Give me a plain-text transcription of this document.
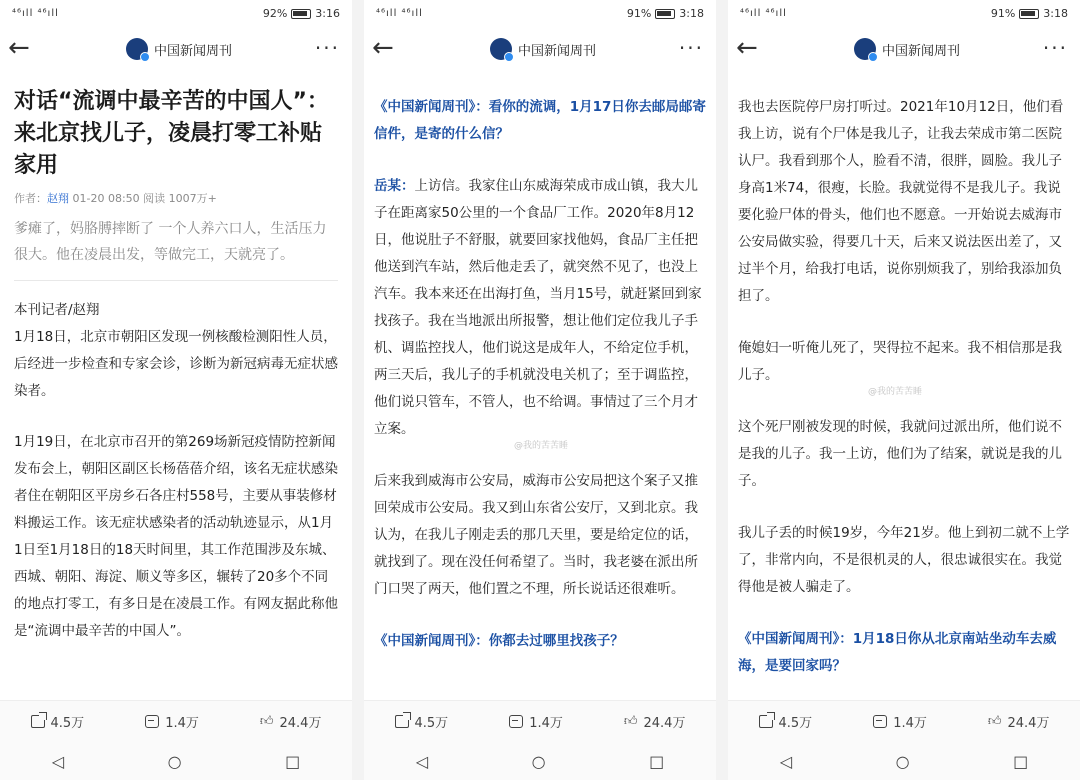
⁴⁶ıll ⁴⁶ıll	92%	3:16
←	中国新闻周刊	···
对话“流调中最辛苦的中国人”：来北京找儿子，凌晨打零工补贴家用
作者：赵翔 01-20 08:50 阅读 1007万+
爹瘫了，妈胳膊摔断了 一个人养六口人，生活压力很大。他在凌晨出发，等做完工，天就亮了。
本刊记者/赵翔
1月18日，北京市朝阳区发现一例核酸检测阳性人员，后经进一步检查和专家会诊，诊断为新冠病毒无症状感染者。
1月19日，在北京市召开的第269场新冠疫情防控新闻发布会上，朝阳区副区长杨蓓蓓介绍，该名无症状感染者住在朝阳区平房乡石各庄村558号，主要从事装修材料搬运工作。该无症状感染者的活动轨迹显示，从1月1日至1月18日的18天时间里，其工作范围涉及东城、西城、朝阳、海淀、顺义等多区，辗转了20多个不同的地点打零工，有多日是在凌晨工作。有网友据此称他是“流调中最辛苦的中国人”。
4.5万	1.4万	👍︎ 24.4万
◁	○	□
⁴⁶ıll ⁴⁶ıll	91%	3:18
←	中国新闻周刊	···
《中国新闻周刊》：看你的流调，1月17日你去邮局邮寄信件，是寄的什么信？
岳某：上访信。我家住山东威海荣成市成山镇，我大儿子在距离家50公里的一个食品厂工作。2020年8月12日，他说肚子不舒服，就要回家找他妈，食品厂主任把他送到汽车站，然后他走丢了，就突然不见了，也没上汽车。我本来还在出海打鱼，当月15号，就赶紧回到家找孩子。我在当地派出所报警，想让他们定位我儿子手机、调监控找人，他们说这是成年人，不给定位手机，两三天后，我儿子的手机就没电关机了；至于调监控，他们说只管车，不管人，也不给调。事情过了三个月才立案。
后来我到威海市公安局，威海市公安局把这个案子又推回荣成市公安局。我又到山东省公安厅，又到北京。我认为，在我儿子刚走丢的那几天里，要是给定位的话，就找到了。现在没任何希望了。当时，我老婆在派出所门口哭了两天，他们置之不理，所长说话还很难听。
《中国新闻周刊》：你都去过哪里找孩子？
@我的苦苦睡
4.5万	1.4万	👍︎ 24.4万
◁	○	□
⁴⁶ıll ⁴⁶ıll	91%	3:18
←	中国新闻周刊	···
我也去医院停尸房打听过。2021年10月12日，他们看我上访，说有个尸体是我儿子，让我去荣成市第二医院认尸。我看到那个人，脸看不清，很胖，圆脸。我儿子身高1米74，很瘦，长脸。我就觉得不是我儿子。我说要化验尸体的骨头，他们也不愿意。一开始说去威海市公安局做实验，得要几十天，后来又说法医出差了，又过半个月，给我打电话，说你别烦我了，别给我添加负担了。
俺媳妇一听俺儿死了，哭得拉不起来。我不相信那是我儿子。
这个死尸刚被发现的时候，我就问过派出所，他们说不是我的儿子。我一上访，他们为了结案，就说是我的儿子。
我儿子丢的时候19岁，今年21岁。他上到初二就不上学了，非常内向，不是很机灵的人，很忠诚很实在。我觉得他是被人骗走了。
《中国新闻周刊》：1月18日你从北京南站坐动车去威海，是要回家吗？
@我的苦苦睡
4.5万	1.4万	👍︎ 24.4万
◁	○	□
